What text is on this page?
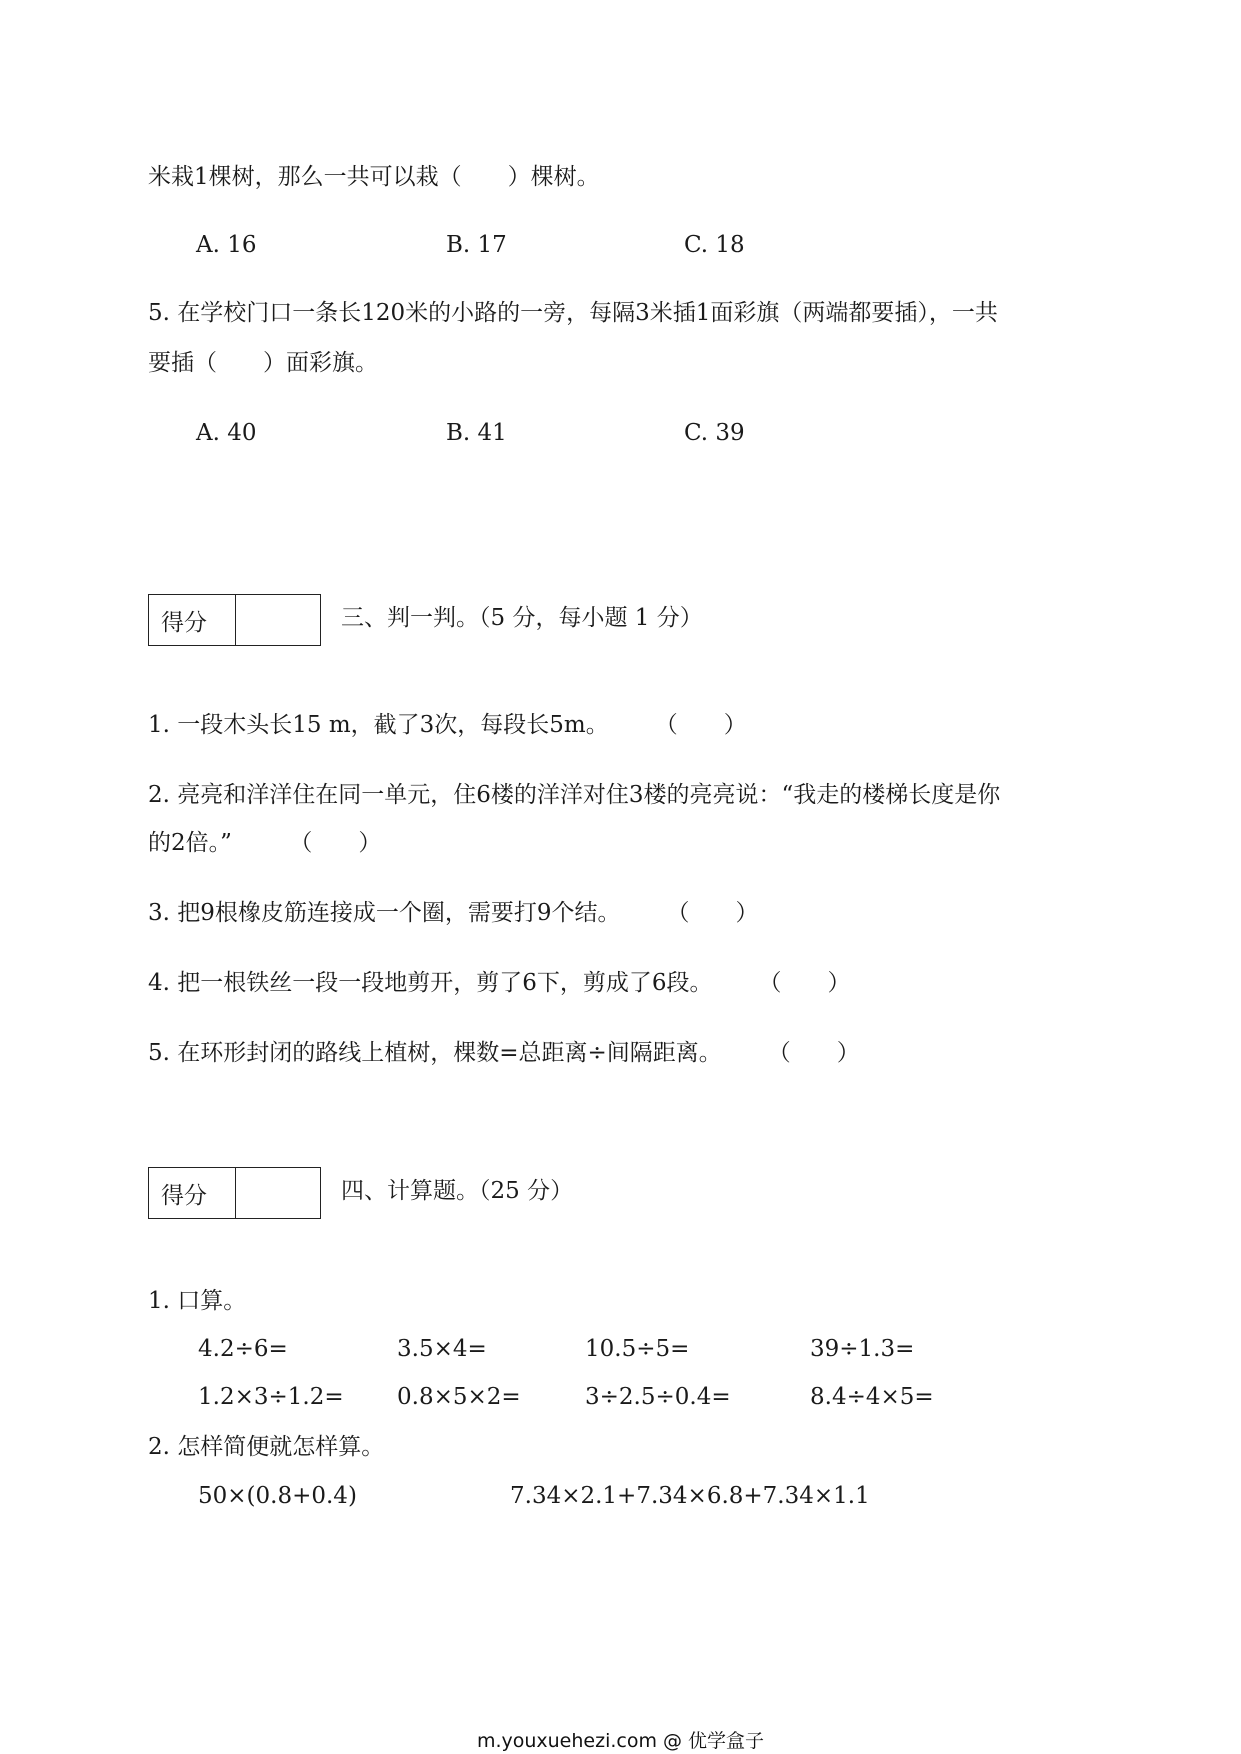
米栽1棵树，那么一共可以栽（　　）棵树。
A. 16	B. 17	C. 18
5. 在学校门口一条长120米的小路的一旁，每隔3米插1面彩旗（两端都要插），一共
要插（　　）面彩旗。
A. 40	B. 41	C. 39
得分	三、判一判。（5 分，每小题 1 分）
1. 一段木头长15 m，截了3次，每段长5m。　　　（　　）
2. 亮亮和洋洋住在同一单元，住6楼的洋洋对住3楼的亮亮说：“我走的楼梯长度是你
的2倍。”　　　（　　）
3. 把9根橡皮筋连接成一个圈，需要打9个结。　　　（　　）
4. 把一根铁丝一段一段地剪开，剪了6下，剪成了6段。　　　（　　）
5. 在环形封闭的路线上植树，棵数=总距离÷间隔距离。　　　（　　）
得分	四、计算题。（25 分）
1. 口算。
4.2÷6=	3.5×4=	10.5÷5=	39÷1.3=
1.2×3÷1.2= 0.8×5×2=	3÷2.5÷0.4=	8.4÷4×5=
2. 怎样简便就怎样算。
50×(0.8+0.4)	7.34×2.1+7.34×6.8+7.34×1.1
m.youxuehezi.com @ 优学盒子
